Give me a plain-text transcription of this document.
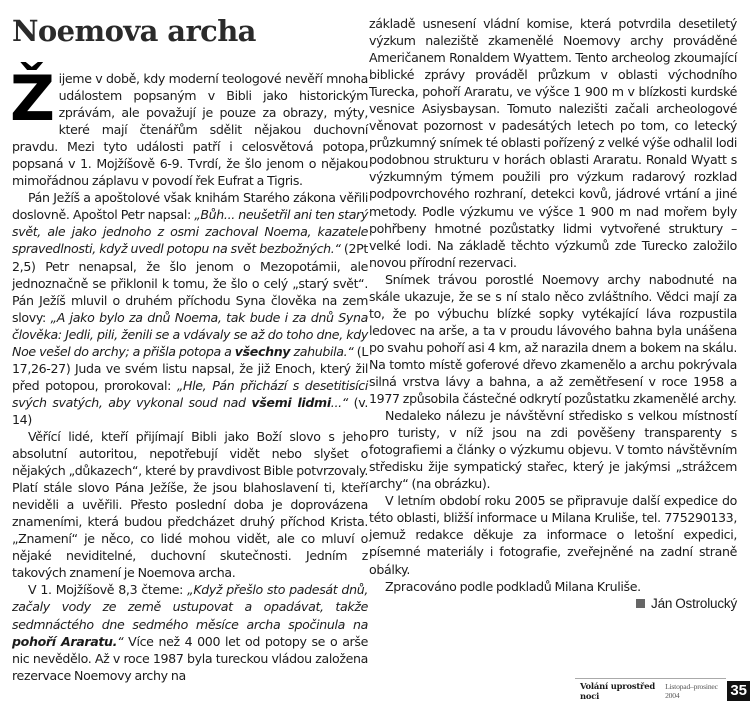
Noemova archa

Žijeme v době, kdy moderní teologové nevěří mnoha událostem popsaným v Bibli jako historickým zprávám, ale považují je pouze za obrazy, mýty, které mají čtenářům sdělit nějakou duchovní pravdu. Mezi tyto události patří i celosvětová potopa, popsaná v 1. Mojžíšově 6-9. Tvrdí, že šlo jenom o nějakou mimořádnou záplavu v povodí řek Eufrat a Tigris.

Pán Ježíš a apoštolové však knihám Starého zákona věřili doslovně. Apoštol Petr napsal: „Bůh... neušetřil ani ten starý svět, ale jako jednoho z osmi zachoval Noema, kazatele spravedlnosti, když uvedl potopu na svět bezbožných.“ (2Pt 2,5) Petr nenapsal, že šlo jenom o Mezopotámii, ale jednoznačně se přiklonil k tomu, že šlo o celý „starý svět“. Pán Ježíš mluvil o druhém příchodu Syna člověka na zem slovy: „A jako bylo za dnů Noema, tak bude i za dnů Syna člověka: Jedli, pili, ženili se a vdávaly se až do toho dne, kdy Noe vešel do archy; a přišla potopa a všechny zahubila.“ (L 17,26-27) Juda ve svém listu napsal, že již Enoch, který žil před potopou, prorokoval: „Hle, Pán přichází s desetitisíci svých svatých, aby vykonal soud nad všemi lidmi...“ (v. 14)

Věřící lidé, kteří přijímají Bibli jako Boží slovo s jeho absolutní autoritou, nepotřebují vidět nebo slyšet o nějakých „důkazech“, které by pravdivost Bible potvrzovaly. Platí stále slovo Pána Ježíše, že jsou blahoslavení ti, kteří neviděli a uvěřili. Přesto poslední doba je doprovázena znameními, která budou předcházet druhý příchod Krista. „Znamení“ je něco, co lidé mohou vidět, ale co mluví o nějaké neviditelné, duchovní skutečnosti. Jedním z takových znamení je Noemova archa.

V 1. Mojžíšově 8,3 čteme: „Když přešlo sto padesát dnů, začaly vody ze země ustupovat a opadávat, takže sedmnáctého dne sedmého měsíce archa spočinula na pohoří Araratu.“ Více než 4 000 let od potopy se o arše nic nevědělo. Až v roce 1987 byla tureckou vládou založena rezervace Noemovy archy na

základě usnesení vládní komise, která potvrdila desetiletý výzkum naleziště zkamenělé Noemovy archy prováděné Američanem Ronaldem Wyattem. Tento archeolog zkoumající biblické zprávy prováděl průzkum v oblasti východního Turecka, pohoří Araratu, ve výšce 1 900 m v blízkosti kurdské vesnice Asiysbaysan. Tomuto nalezišti začali archeologové věnovat pozornost v padesátých letech po tom, co letecký průzkumný snímek té oblasti pořízený z velké výše odhalil lodi podobnou strukturu v horách oblasti Araratu. Ronald Wyatt s výzkumným týmem použili pro výzkum radarový rozklad podpovrchového rozhraní, detekci kovů, jádrové vrtání a jiné metody. Podle výzkumu ve výšce 1 900 m nad mořem byly pohřbeny hmotné pozůstatky lidmi vytvořené struktury – velké lodi. Na základě těchto výzkumů zde Turecko založilo novou přírodní rezervaci.

Snímek trávou porostlé Noemovy archy nabodnuté na skále ukazuje, že se s ní stalo něco zvláštního. Vědci mají za to, že po výbuchu blízké sopky vytékající láva rozpustila ledovec na arše, a ta v proudu lávového bahna byla unášena po svahu pohoří asi 4 km, až narazila dnem a bokem na skálu. Na tomto místě goferové dřevo zkamenělo a archu pokrývala silná vrstva lávy a bahna, a až zemětřesení v roce 1958 a 1977 způsobila částečné odkrytí pozůstatku zkamenělé archy.

Nedaleko nálezu je návštěvní středisko s velkou místností pro turisty, v níž jsou na zdi pověšeny transparenty s fotografiemi a články o výzkumu objevu. V tomto návštěvním středisku žije sympatický stařec, který je jakýmsi „strážcem archy“ (na obrázku).

V letním období roku 2005 se připravuje další expedice do této oblasti, bližší informace u Milana Kruliše, tel. 775290133, jemuž redakce děkuje za informace o letošní expedici, písemné materiály i fotografie, zveřejněné na zadní straně obálky.

Zpracováno podle podkladů Milana Kruliše.

Ján Ostrolucký

Volání uprostřed noci
Listopad–prosinec 2004	35
